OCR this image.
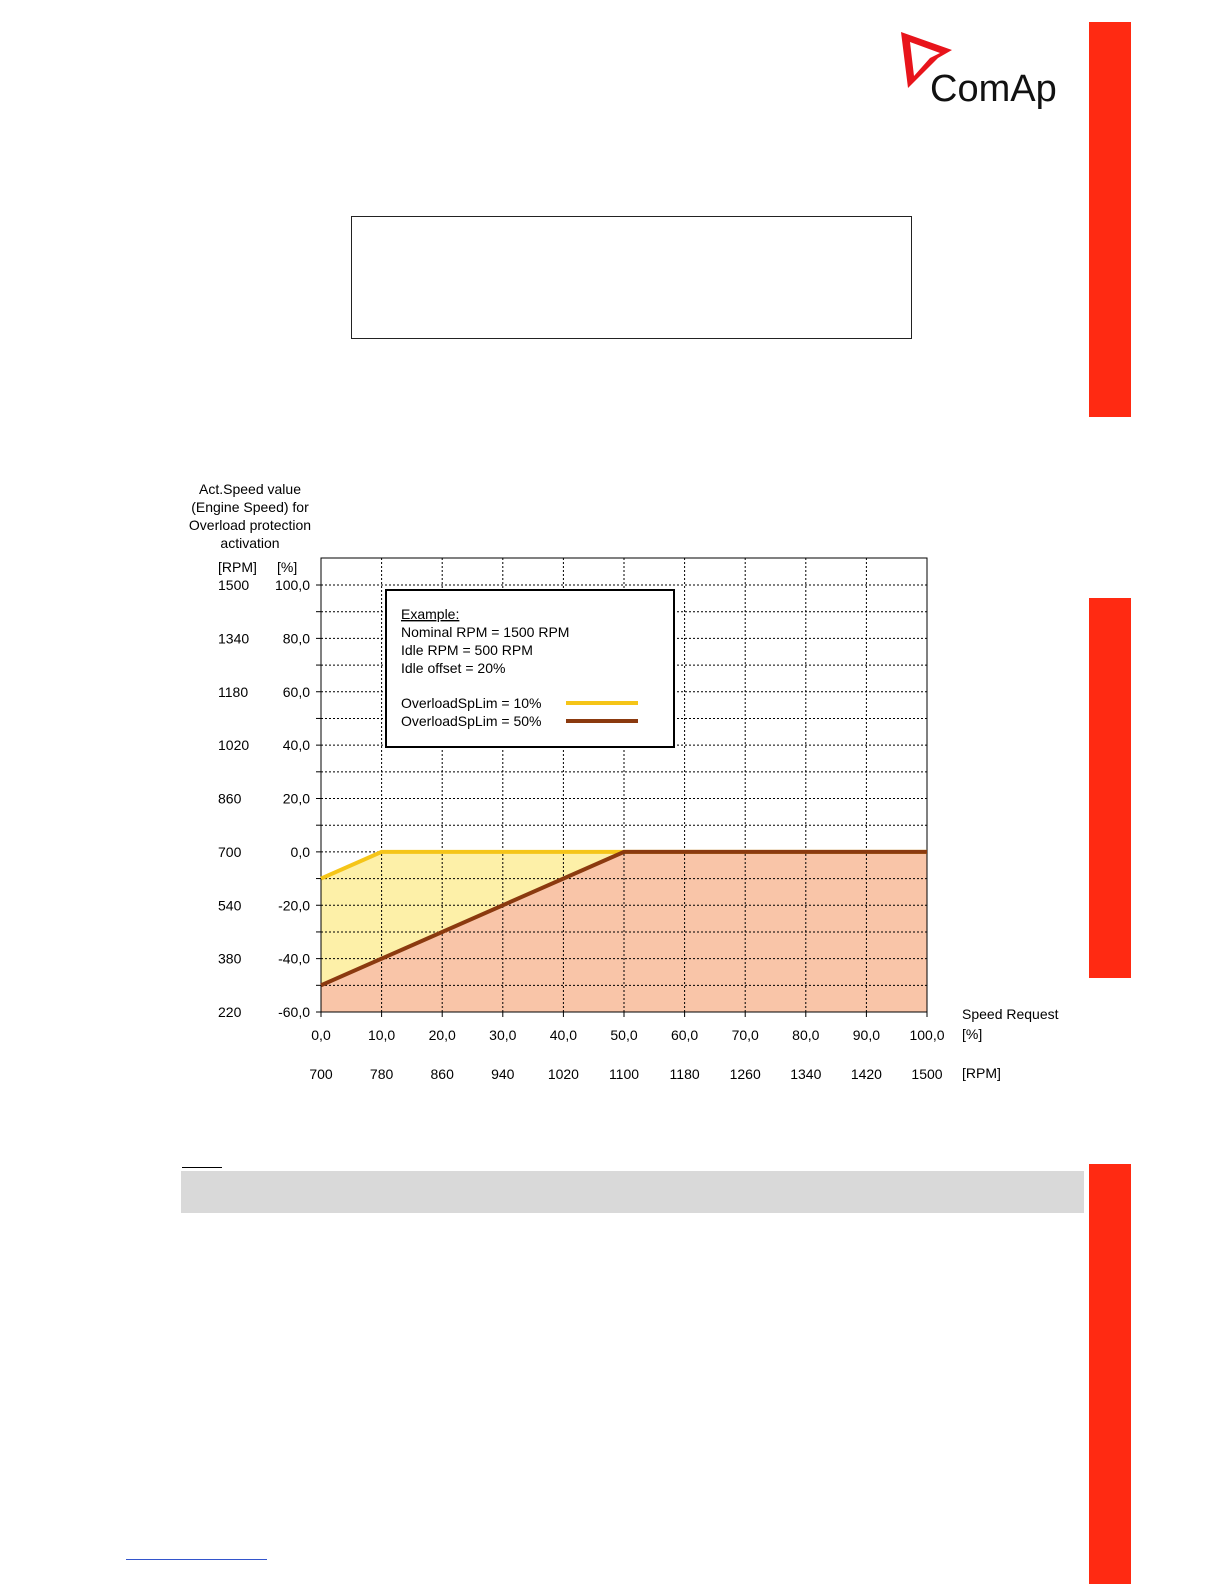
ComAp
Act.Speed value
(Engine Speed) for
Overload protection
activation
[RPM] [%]
1500 100,0
1340 80,0
1180 60,0
1020 40,0
860	20,0
700	0,0
540	-20,0
380	-40,0
220	-60,0
0,0	10,0 20,0 30,0 40,0 50,0 60,0 70,0 80,0 90,0 100,0
700	780	860	940 1020 1100 1180 1260 1340 1420 1500
Speed Request
[%]
[RPM]
Example:
Nominal RPM = 1500 RPM
Idle RPM = 500 RPM
Idle offset = 20%
OverloadSpLim = 10%
OverloadSpLim = 50%
